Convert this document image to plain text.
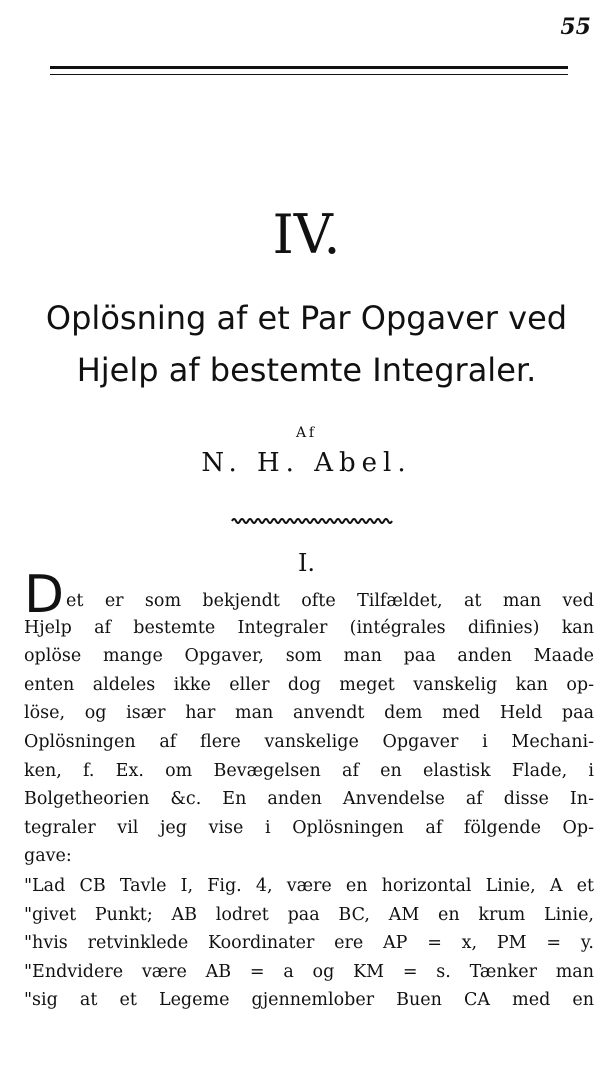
55
IV.
Oplösning af et Par Opgaver ved
Hjelp af bestemte Integraler.
Af
N. H. Abel.
I.
Det er som bekjendt ofte Tilfældet, at man ved
Hjelp af bestemte Integraler (intégrales difinies) kan
oplöse mange Opgaver, som man paa anden Maade
enten aldeles ikke eller dog meget vanskelig kan op-
löse, og især har man anvendt dem med Held paa
Oplösningen af flere vanskelige Opgaver i Mechani-
ken, f. Ex. om Bevægelsen af en elastisk Flade, i
Bolgetheorien &c. En anden Anvendelse af disse In-
tegraler vil jeg vise i Oplösningen af fölgende Op-
gave:
"Lad CB Tavle I, Fig. 4, være en horizontal Linie, A et
"givet Punkt; AB lodret paa BC, AM en krum Linie,
"hvis retvinklede Koordinater ere AP = x, PM = y.
"Endvidere være AB = a og KM = s. Tænker man
"sig at et Legeme gjennemlober Buen CA med en
